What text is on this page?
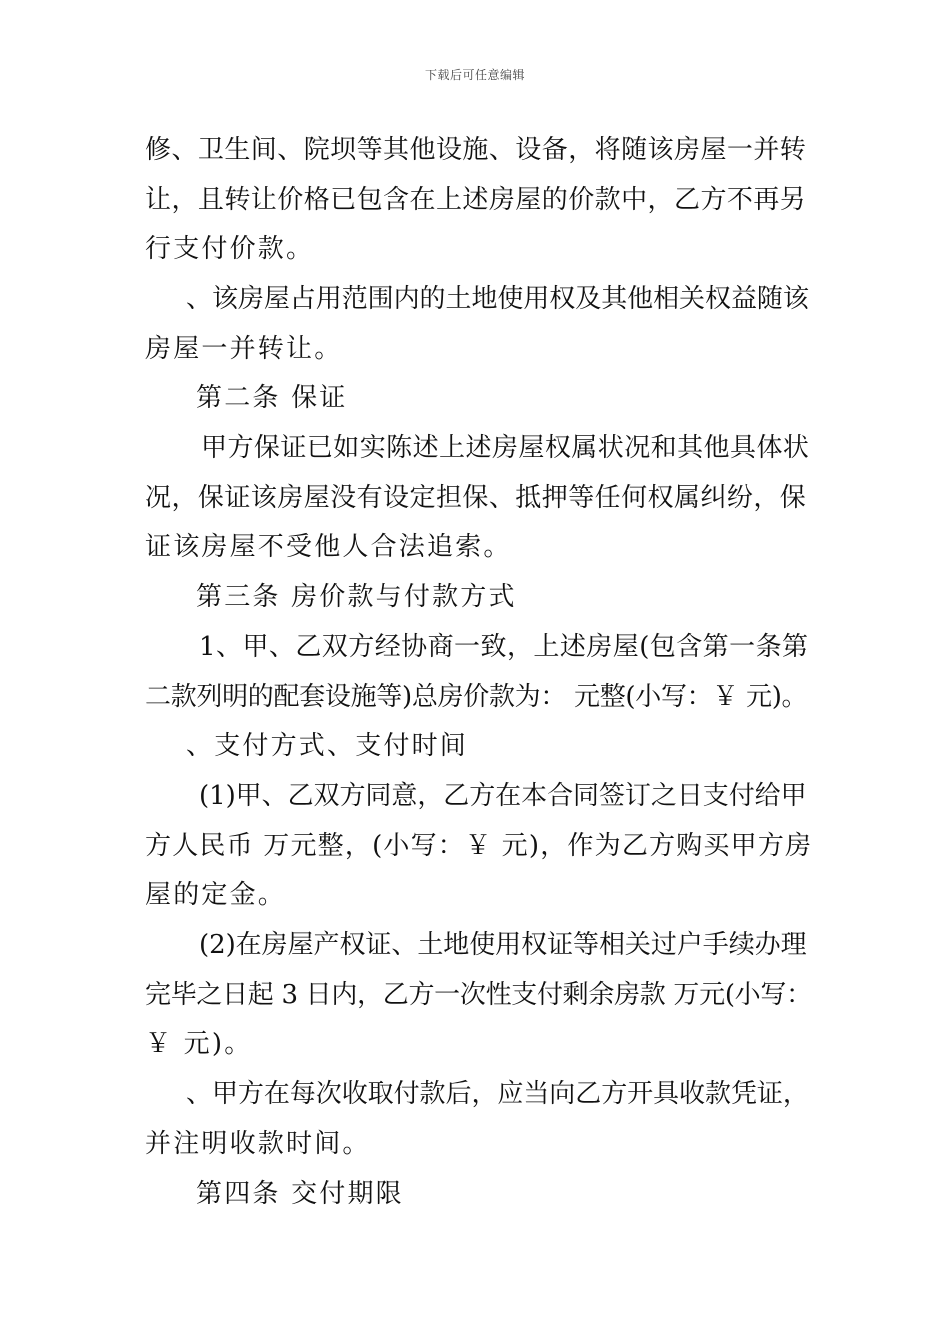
下载后可任意编辑
修、卫生间、院坝等其他设施、设备，将随该房屋一并转
让，且转让价格已包含在上述房屋的价款中，乙方不再另
行支付价款。
、该房屋占用范围内的土地使用权及其他相关权益随该
房屋一并转让。
第二条 保证
甲方保证已如实陈述上述房屋权属状况和其他具体状
况，保证该房屋没有设定担保、抵押等任何权属纠纷，保
证该房屋不受他人合法追索。
第三条 房价款与付款方式
1、甲、乙双方经协商一致，上述房屋(包含第一条第
二款列明的配套设施等)总房价款为： 元整(小写：￥ 元)。
、支付方式、支付时间
(1)甲、乙双方同意，乙方在本合同签订之日支付给甲
方人民币 万元整，(小写：￥ 元)，作为乙方购买甲方房
屋的定金。
(2)在房屋产权证、土地使用权证等相关过户手续办理
完毕之日起 3 日内，乙方一次性支付剩余房款 万元(小写：
￥ 元)。
、甲方在每次收取付款后，应当向乙方开具收款凭证，
并注明收款时间。
第四条 交付期限
